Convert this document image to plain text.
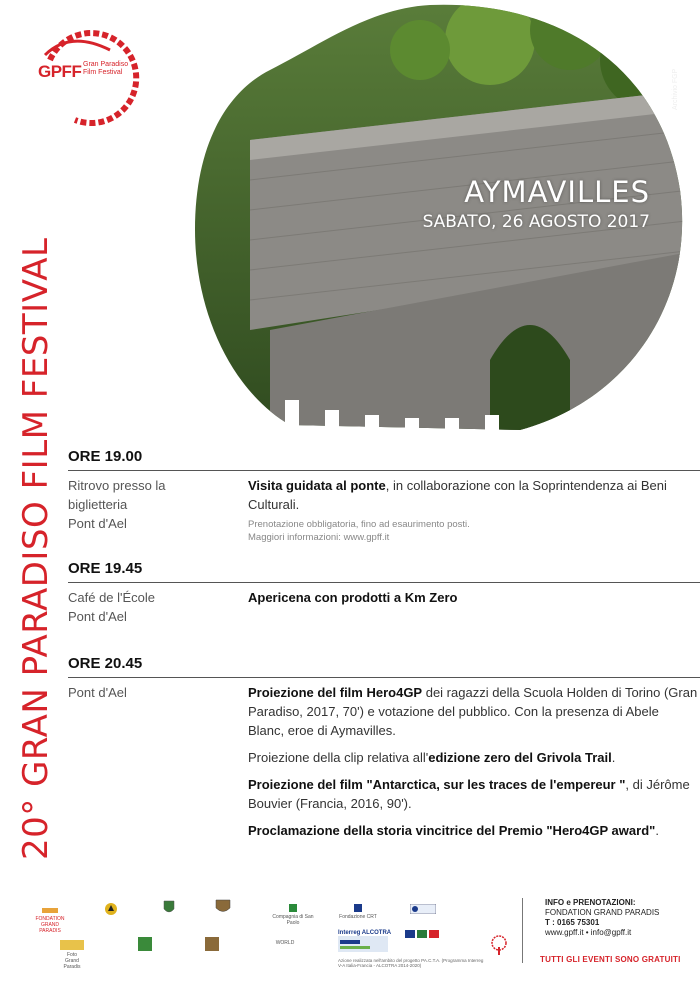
GPFF Gran Paradiso
Film Festival
AYMAVILLES
SABATO, 26 AGOSTO 2017
Archivio FGP
20° GRAN PARADISO FILM FESTIVAL ORE 19.00
Ritrovo presso la
biglietteria
Pont d'Ael
Visita guidata al ponte, in collaborazione con la Soprintendenza ai Beni Culturali.
Prenotazione obbligatoria, fino ad esaurimento posti.
Maggiori informazioni: www.gpff.it
ORE 19.45
Café de l'École
Pont d'Ael
Apericena con prodotti a Km Zero
ORE 20.45
Pont d'Ael	Proiezione del film Hero4GP dei ragazzi della Scuola Holden di Torino (Gran Paradiso, 2017, 70') e votazione del pubblico. Con la presenza di Abele Blanc, eroe di Aymavilles.

Proiezione della clip relativa all'edizione zero del Grivola Trail.

Proiezione del film "Antarctica, sur les traces de l'empereur ", di Jérôme Bouvier (Francia, 2016, 90').

Proclamazione della storia vincitrice del Premio "Hero4GP award".

FONDATION GRAND PARADIS
Compagnia di San Paolo
Fondazione CRT
Foto Grand Paradis
WORLD
Interreg ALCOTRA
Azione realizzata nell'ambito del progetto PA.C.T.A. (Programma Interreg V-A Italia-Francia - ALCOTRA 2014-2020)
INFO e PRENOTAZIONI:
FONDATION GRAND PARADIS
T : 0165 75301
www.gpff.it • info@gpff.it
TUTTI GLI EVENTI SONO GRATUITI
